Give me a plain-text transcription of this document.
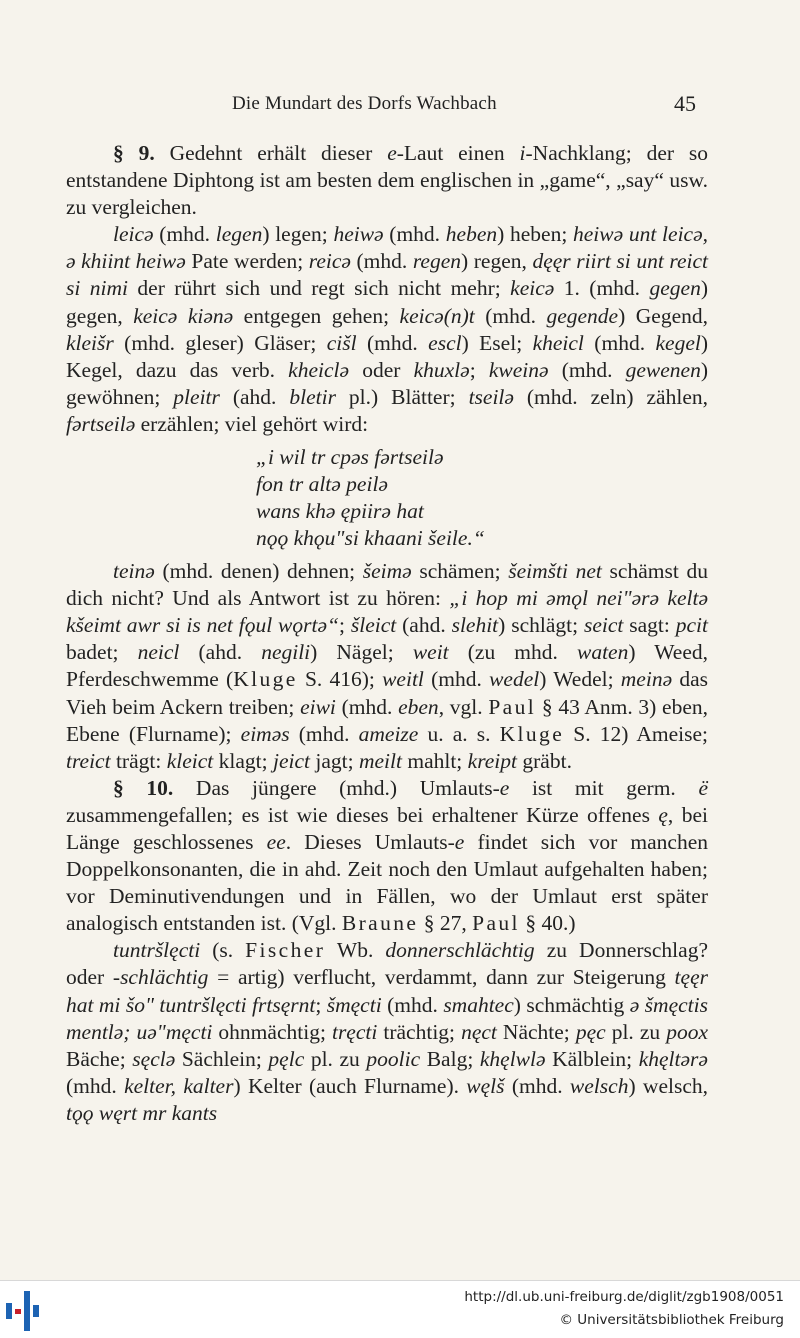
Die Mundart des Dorfs Wachbach	45

§ 9. Gedehnt erhält dieser e-Laut einen i-Nachklang; der so entstandene Diphtong ist am besten dem englischen in „game“, „say“ usw. zu vergleichen.

leicə (mhd. legen) legen; heiwə (mhd. heben) heben; heiwə unt leicə, ə khiint heiwə Pate werden; reicə (mhd. regen) regen, dęęr riirt si unt reict si nimi der rührt sich und regt sich nicht mehr; keicə 1. (mhd. gegen) gegen, keicə kiənə entgegen gehen; keicə(n)t (mhd. gegende) Gegend, kleišr (mhd. gleser) Gläser; cišl (mhd. escl) Esel; kheicl (mhd. kegel) Kegel, dazu das verb. kheiclə oder khuxlə; kweinə (mhd. gewenen) gewöhnen; pleitr (ahd. bletir pl.) Blätter; tseilə (mhd. zeln) zählen, fərtseilə erzählen; viel gehört wird:

„i wil tr cpəs fərtseilə
fon tr altə peilə
wans khə ępiirə hat
nǫǫ khǫu"si khaani šeile.“

teinə (mhd. denen) dehnen; šeimə schämen; šeimšti net schämst du dich nicht? Und als Antwort ist zu hören: „i hop mi əmǫl nei"ərə keltə kšeimt awr si is net fǫul wǫrtə“; šleict (ahd. slehit) schlägt; seict sagt: pcit badet; neicl (ahd. negili) Nägel; weit (zu mhd. waten) Weed, Pferdeschwemme (Kluge S. 416); weitl (mhd. wedel) Wedel; meinə das Vieh beim Ackern treiben; eiwi (mhd. eben, vgl. Paul § 43 Anm. 3) eben, Ebene (Flurname); eiməs (mhd. ameize u. a. s. Kluge S. 12) Ameise; treict trägt: kleict klagt; jeict jagt; meilt mahlt; kreipt gräbt.

§ 10. Das jüngere (mhd.) Umlauts-e ist mit germ. ë zusammengefallen; es ist wie dieses bei erhaltener Kürze offenes ę, bei Länge geschlossenes ee. Dieses Umlauts-e findet sich vor manchen Doppelkonsonanten, die in ahd. Zeit noch den Umlaut aufgehalten haben; vor Deminutivendungen und in Fällen, wo der Umlaut erst später analogisch entstanden ist. (Vgl. Braune § 27, Paul § 40.)

tuntršlęcti (s. Fischer Wb. donnerschlächtig zu Donnerschlag? oder -schlächtig = artig) verflucht, verdammt, dann zur Steigerung tęęr hat mi šo" tuntršlęcti frtsęrnt; šmęcti (mhd. smahtec) schmächtig ə šmęctis mentlə; uə"męcti ohnmächtig; tręcti trächtig; nęct Nächte; pęc pl. zu poox Bäche; sęclə Sächlein; pęlc pl. zu poolic Balg; khęlwlə Kälblein; khęltərə (mhd. kelter, kalter) Kelter (auch Flurname). węlš (mhd. welsch) welsch, tǫǫ węrt mr kants

http://dl.ub.uni-freiburg.de/diglit/zgb1908/0051
© Universitätsbibliothek Freiburg
